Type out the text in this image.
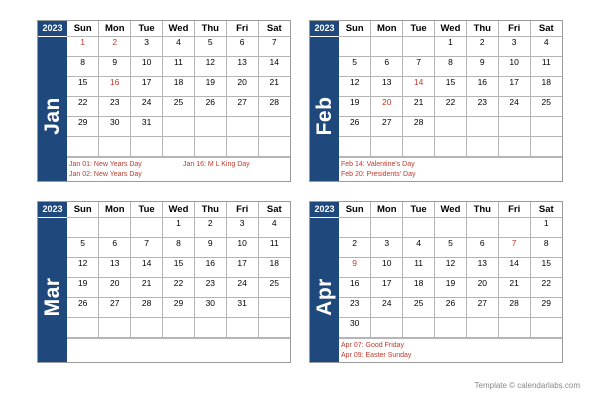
2023
Jan
Sun	Mon	Tue	Wed	Thu	Fri	Sat
1	2	3	4	5	6	7
8	9	10	11	12	13	14
15	16	17	18	19	20	21
22	23	24	25	26	27	28
29	30	31				

Jan 01: New Years Day	Jan 16: M L King Day
Jan 02: New Years Day
2023
Feb
Sun	Mon	Tue	Wed	Thu	Fri	Sat
			1	2	3	4
5	6	7	8	9	10	11
12	13	14	15	16	17	18
19	20	21	22	23	24	25
26	27	28				

Feb 14: Valentine's Day
Feb 20: Presidents' Day
2023
Mar
Sun	Mon	Tue	Wed	Thu	Fri	Sat
			1	2	3	4
5	6	7	8	9	10	11
12	13	14	15	16	17	18
19	20	21	22	23	24	25
26	27	28	29	30	31	

2023
Apr
Sun	Mon	Tue	Wed	Thu	Fri	Sat
						1
2	3	4	5	6	7	8
9	10	11	12	13	14	15
16	17	18	19	20	21	22
23	24	25	26	27	28	29
30						
Apr 07: Good Friday
Apr 09: Easter Sunday
Template © calendarlabs.com
